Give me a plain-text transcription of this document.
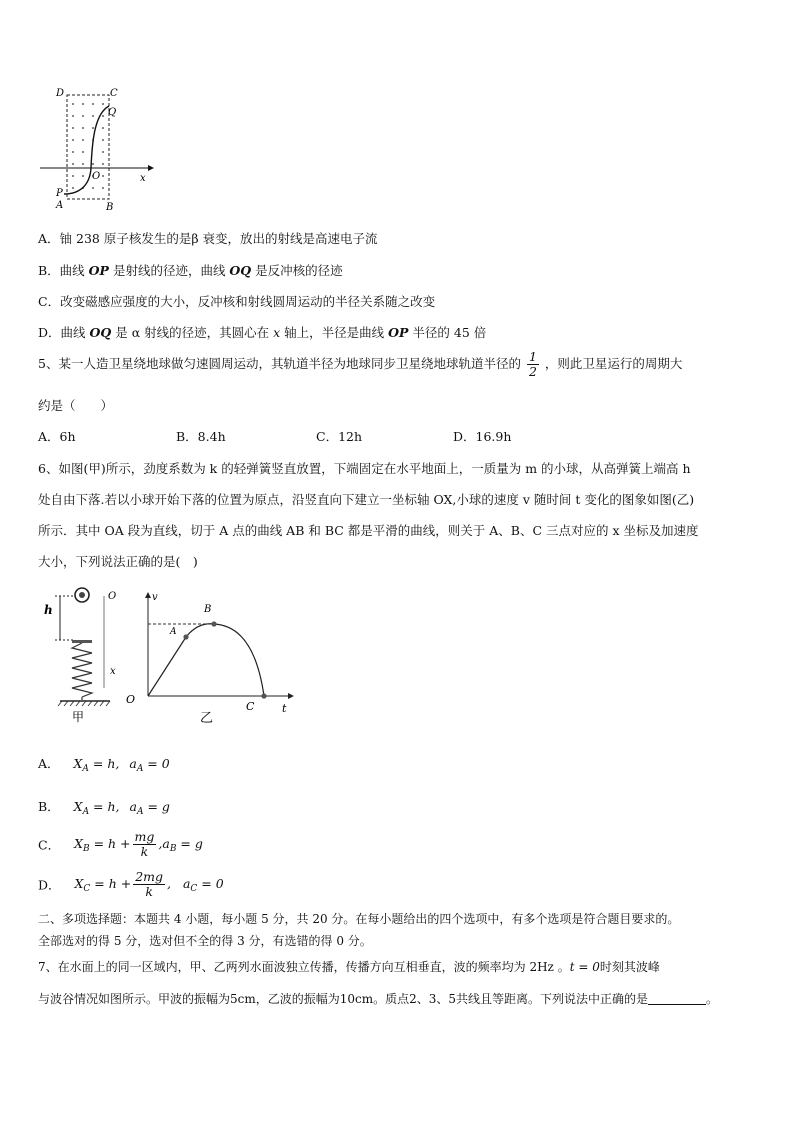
D	C
Q
O	x
P
A	B
A．铀 238 原子核发生的是β 衰变，放出的射线是高速电子流
B．曲线 OP 是射线的径迹，曲线 OQ 是反冲核的径迹
C．改变磁感应强度的大小，反冲核和射线圆周运动的半径关系随之改变
D．曲线 OQ 是 α 射线的径迹，其圆心在 x 轴上，半径是曲线 OP 半径的 45 倍
5、某一人造卫星绕地球做匀速圆周运动，其轨道半径为地球同步卫星绕地球轨道半径的 $\frac{1}{2}$ ，则此卫星运行的周期大
约是（　　）
A．6h	B．8.4h	C．12h	D．16.9h
6、如图(甲)所示，劲度系数为 k 的轻弹簧竖直放置，下端固定在水平地面上，一质量为 m 的小球，从高弹簧上端高 h
处自由下落.若以小球开始下落的位置为原点，沿竖直向下建立一坐标轴 OX,小球的速度 v 随时间 t 变化的图象如图(乙)
所示．其中 OA 段为直线，切于 A 点的曲线 AB 和 BC 都是平滑的曲线，则关于 A、B、C 三点对应的 x 坐标及加速度
大小，下列说法正确的是(　)
h
O
x
甲
v
B
A
O
C	t
乙
A． $X_A = h$, $a_A = 0$
B． $X_A = h$, $a_A = g$
C． $X_B = h + \frac{mg}{k} ,a_B = g$
D． $X_C = h + \frac{2mg}{k}$ ,   $a_C = 0$
二、多项选择题：本题共 4 小题，每小题 5 分，共 20 分。在每小题给出的四个选项中，有多个选项是符合题目要求的。
全部选对的得 5 分，选对但不全的得 3 分，有选错的得 0 分。
7、在水面上的同一区域内，甲、乙两列水面波独立传播，传播方向互相垂直，波的频率均为 2Hz 。t = 0时刻其波峰
与波谷情况如图所示。甲波的振幅为5cm，乙波的振幅为10cm。质点2、3、5共线且等距离。下列说法中正确的是	。
